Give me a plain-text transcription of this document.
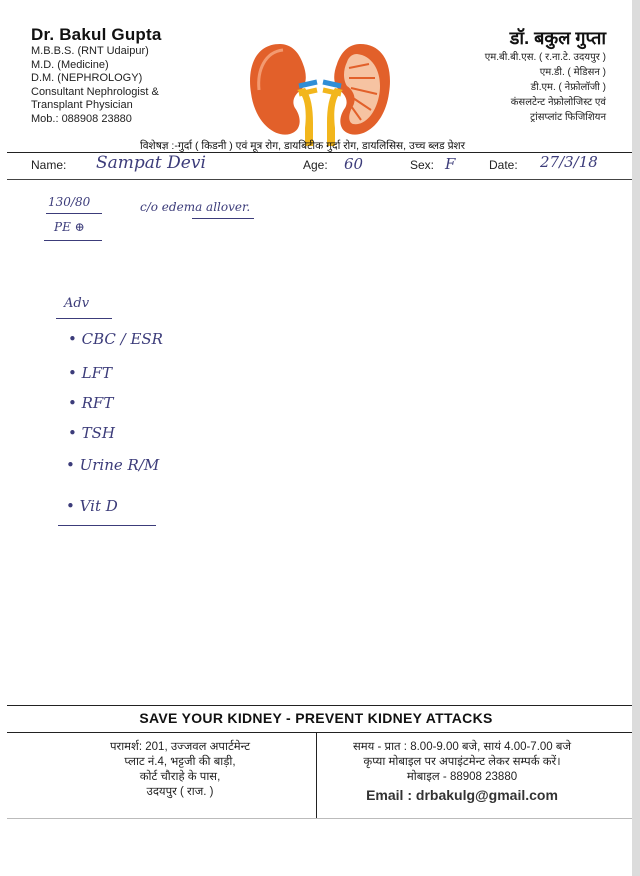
Dr. Bakul Gupta
M.B.B.S. (RNT Udaipur)
M.D. (Medicine)
D.M. (NEPHROLOGY)
Consultant Nephrologist &
Transplant Physician
Mob.: 088908 23880
डॉ. बकुल गुप्ता
एम.बी.बी.एस. ( र.ना.टे. उदयपुर )
एम.डी. ( मेडिसन )
डी.एम. ( नेफ्रोलॉजी )
कंसलटेन्ट नेफ्रोलोजिस्ट एवं
ट्रांसप्लांट फिजिशियन
विशेषज्ञ :-गुर्दा ( किडनी ) एवं मूत्र रोग, डायबिटीक गुर्दा रोग, डायलिसिस, उच्च ब्लड प्रेशर
Name: Sampat Devi	Age: 60	Sex: F	Date: 27/3/18
130/80
PE ⊕
c/o edema allover.
Adv
• CBC / ESR
• LFT
• RFT
• TSH
• Urine R/M
• Vit D
SAVE YOUR KIDNEY - PREVENT KIDNEY ATTACKS
परामर्श: 201, उज्जवल अपार्टमेन्ट
प्लाट नं.4, भट्टजी की बाड़ी,
कोर्ट चौराहे के पास,
उदयपुर ( राज. )
समय - प्रात : 8.00-9.00 बजे, सायं 4.00-7.00 बजे
कृप्या मोबाइल पर अपाइंटमेन्ट लेकर सम्पर्क करें।
मोबाइल - 88908 23880
Email : drbakulg@gmail.com
